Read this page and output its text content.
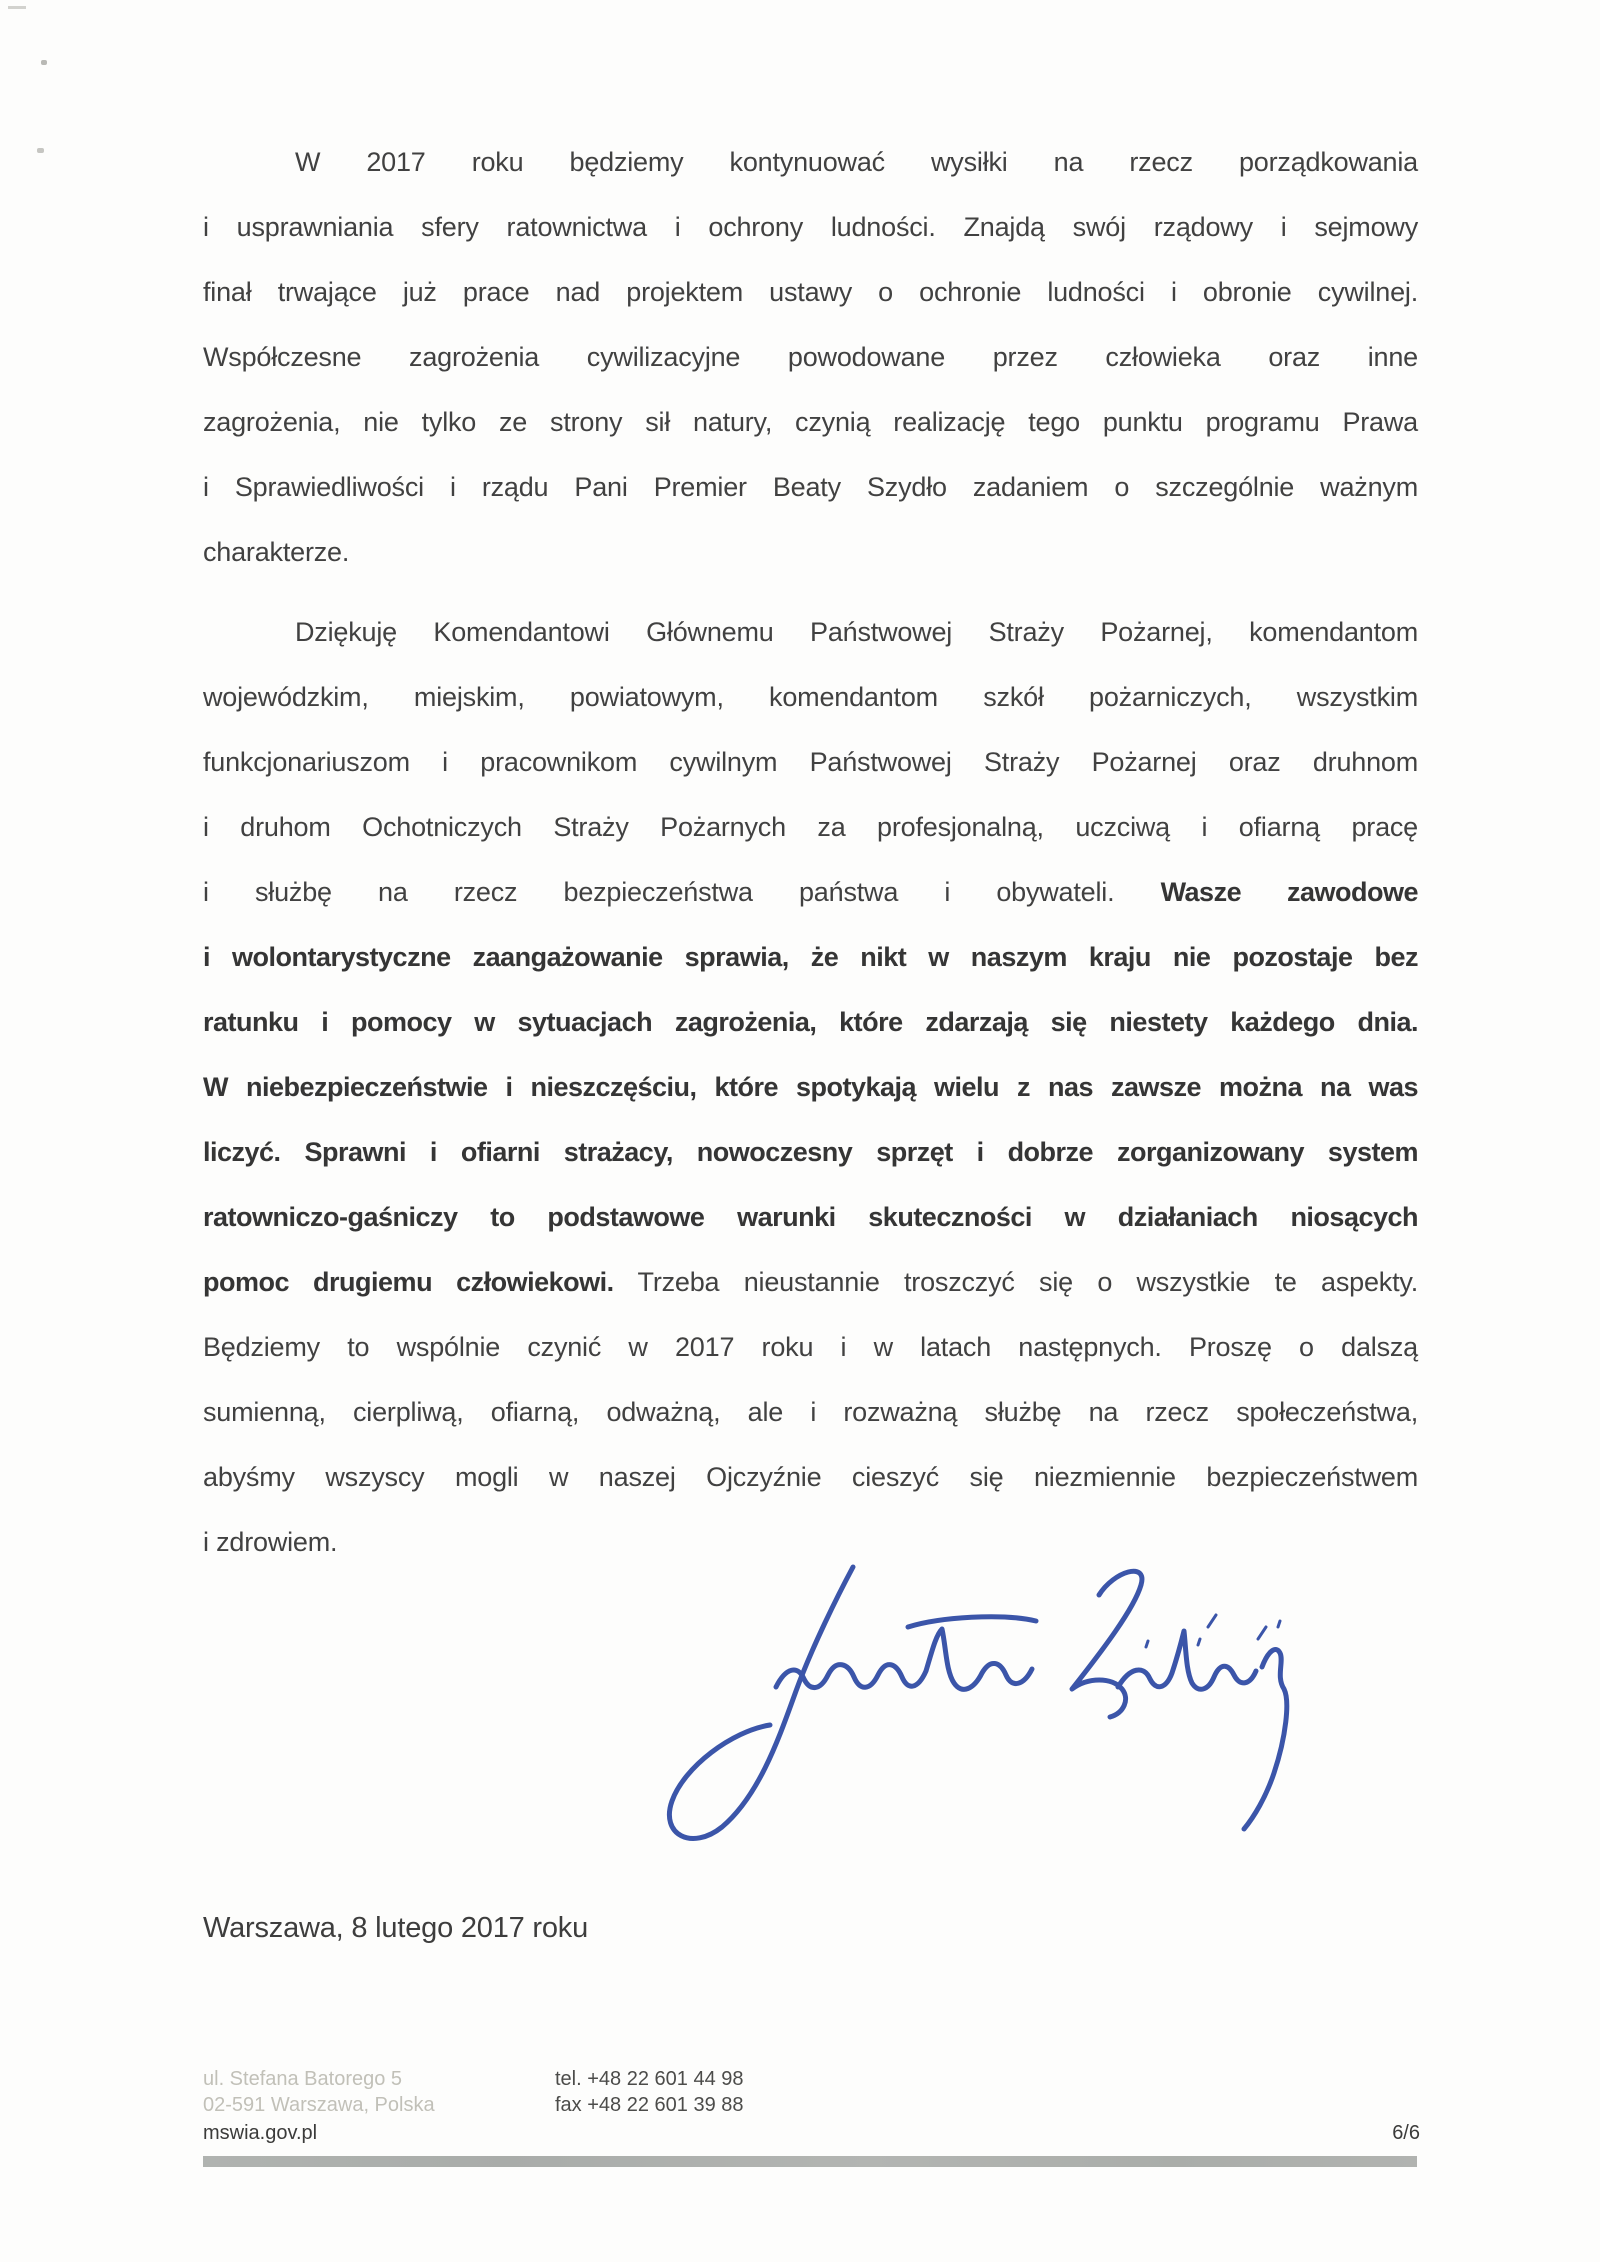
W 2017 roku będziemy kontynuować wysiłki na rzecz porządkowania
i usprawniania sfery ratownictwa i ochrony ludności. Znajdą swój rządowy i sejmowy
finał trwające już prace nad projektem ustawy o ochronie ludności i obronie cywilnej.
Współczesne zagrożenia cywilizacyjne powodowane przez człowieka oraz inne
zagrożenia, nie tylko ze strony sił natury, czynią realizację tego punktu programu Prawa
i Sprawiedliwości i rządu Pani Premier Beaty Szydło zadaniem o szczególnie ważnym
charakterze.
Dziękuję Komendantowi Głównemu Państwowej Straży Pożarnej, komendantom
wojewódzkim, miejskim, powiatowym, komendantom szkół pożarniczych, wszystkim
funkcjonariuszom i pracownikom cywilnym Państwowej Straży Pożarnej oraz druhnom
i druhom Ochotniczych Straży Pożarnych za profesjonalną, uczciwą i ofiarną pracę
i służbę na rzecz bezpieczeństwa państwa i obywateli. Wasze zawodowe
i wolontarystyczne zaangażowanie sprawia, że nikt w naszym kraju nie pozostaje bez
ratunku i pomocy w sytuacjach zagrożenia, które zdarzają się niestety każdego dnia.
W niebezpieczeństwie i nieszczęściu, które spotykają wielu z nas zawsze można na was
liczyć. Sprawni i ofiarni strażacy, nowoczesny sprzęt i dobrze zorganizowany system
ratowniczo-gaśniczy to podstawowe warunki skuteczności w działaniach niosących
pomoc drugiemu człowiekowi. Trzeba nieustannie troszczyć się o wszystkie te aspekty.
Będziemy to wspólnie czynić w 2017 roku i w latach następnych. Proszę o dalszą
sumienną, cierpliwą, ofiarną, odważną, ale i rozważną służbę na rzecz społeczeństwa,
abyśmy wszyscy mogli w naszej Ojczyźnie cieszyć się niezmiennie bezpieczeństwem
i zdrowiem.
Warszawa, 8 lutego 2017 roku
ul. Stefana Batorego 5
02-591 Warszawa, Polska
mswia.gov.pl
tel. +48 22 601 44 98
fax +48 22 601 39 88
6/6
